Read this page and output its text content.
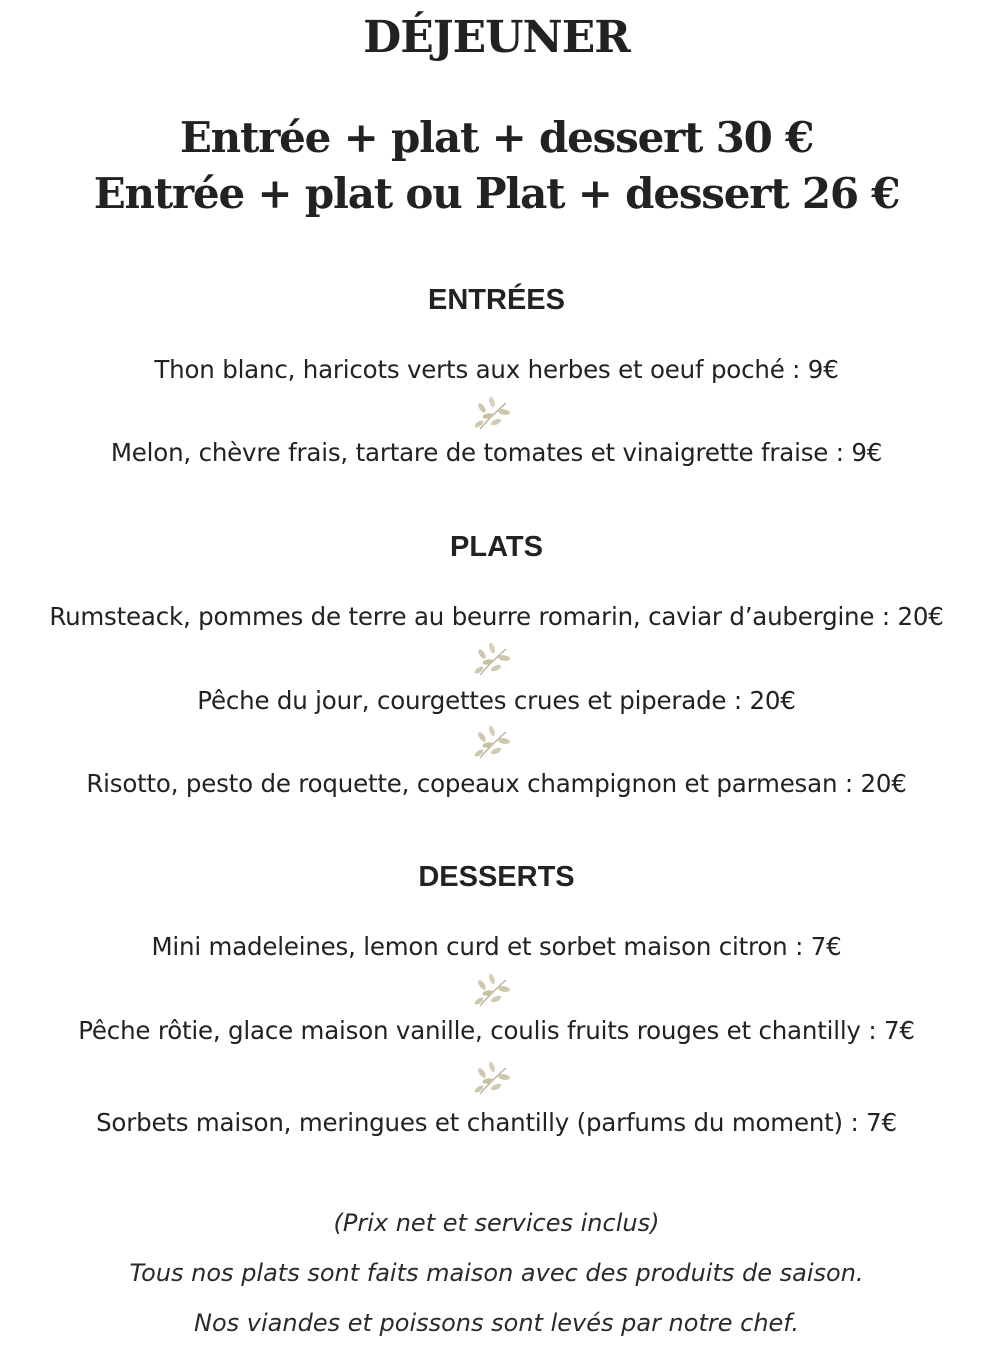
DÉJEUNER
Entrée + plat + dessert 30 €
Entrée + plat ou Plat + dessert 26 €
ENTRÉES
Thon blanc, haricots verts aux herbes et oeuf poché : 9€
Melon, chèvre frais, tartare de tomates et vinaigrette fraise : 9€
PLATS
Rumsteack, pommes de terre au beurre romarin, caviar d’aubergine : 20€
Pêche du jour, courgettes crues et piperade : 20€
Risotto, pesto de roquette, copeaux champignon et parmesan : 20€
DESSERTS
Mini madeleines, lemon curd et sorbet maison citron : 7€
Pêche rôtie, glace maison vanille, coulis fruits rouges et chantilly : 7€
Sorbets maison, meringues et chantilly (parfums du moment) : 7€
(Prix net et services inclus)
Tous nos plats sont faits maison avec des produits de saison.
Nos viandes et poissons sont levés par notre chef.
